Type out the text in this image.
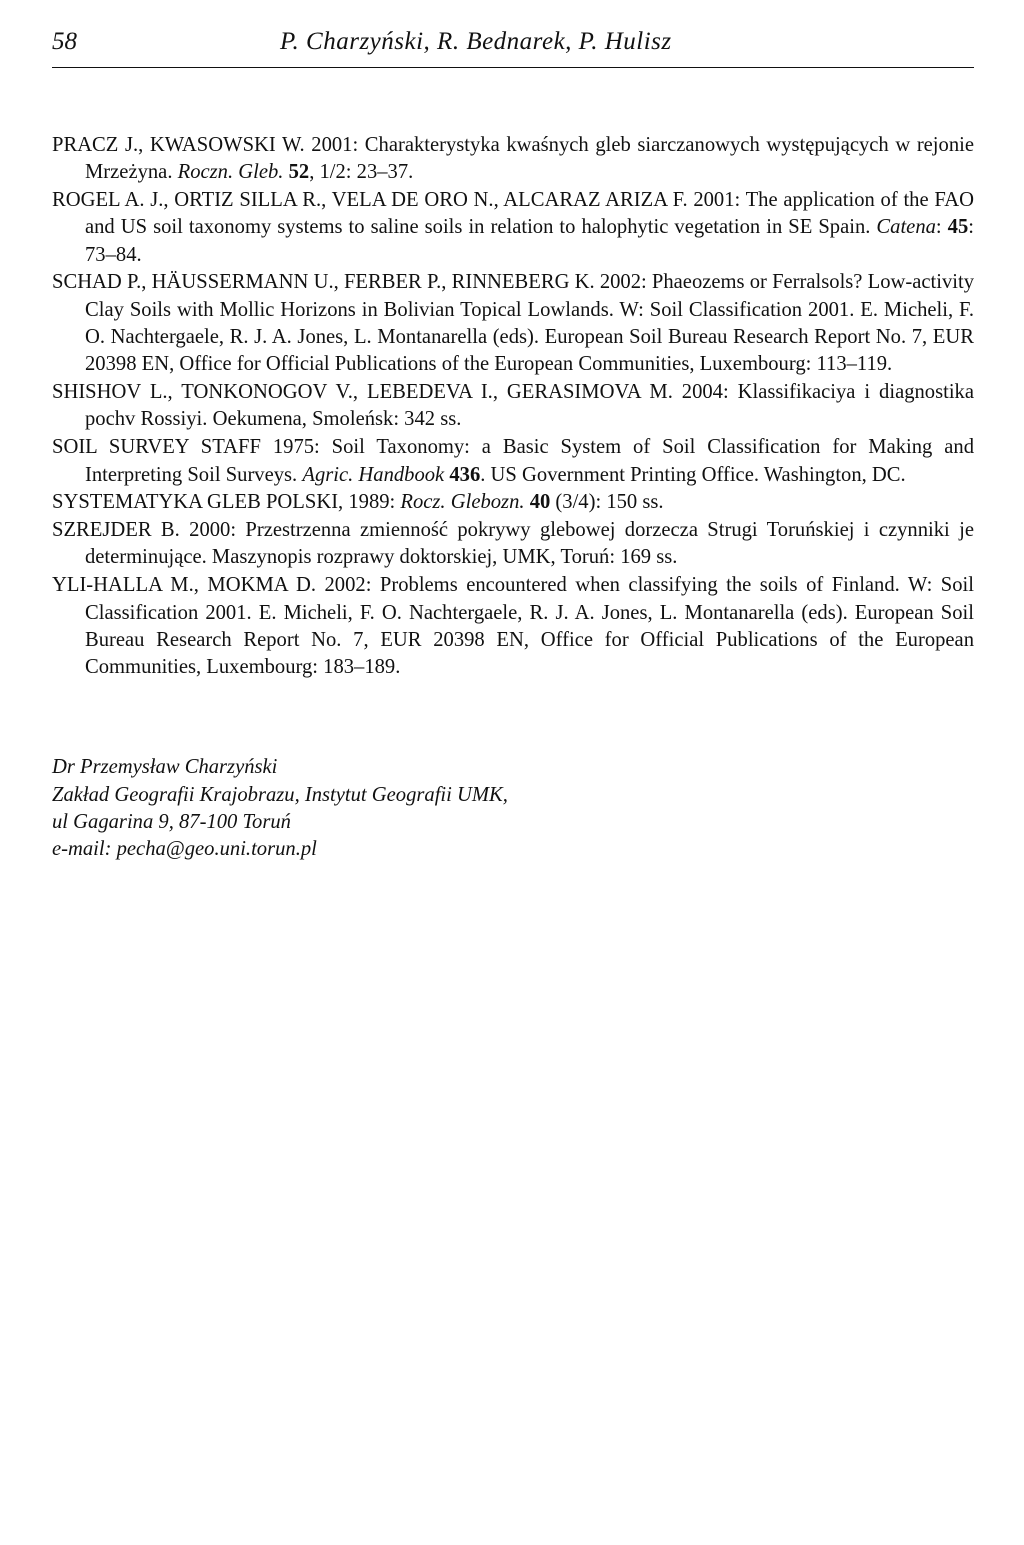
58	P. Charzyński, R. Bednarek, P. Hulisz

PRACZ J., KWASOWSKI W. 2001: Charakterystyka kwaśnych gleb siarczanowych występujących w rejonie Mrzeżyna. Roczn. Gleb. 52, 1/2: 23–37.

ROGEL A. J., ORTIZ SILLA R., VELA DE ORO N., ALCARAZ ARIZA F. 2001: The application of the FAO and US soil taxonomy systems to saline soils in relation to halophytic vegetation in SE Spain. Catena: 45: 73–84.

SCHAD P., HÄUSSERMANN U., FERBER P., RINNEBERG K. 2002: Phaeozems or Ferralsols? Low-activity Clay Soils with Mollic Horizons in Bolivian Topical Lowlands. W: Soil Classification 2001. E. Micheli, F. O. Nachtergaele, R. J. A. Jones, L. Montanarella (eds). European Soil Bureau Research Report No. 7, EUR 20398 EN, Office for Official Publications of the European Communities, Luxembourg: 113–119.

SHISHOV L., TONKONOGOV V., LEBEDEVA I., GERASIMOVA M. 2004: Klassifikaciya i diagnostika pochv Rossiyi. Oekumena, Smoleńsk: 342 ss.

SOIL SURVEY STAFF 1975: Soil Taxonomy: a Basic System of Soil Classification for Making and Interpreting Soil Surveys. Agric. Handbook 436. US Government Printing Office. Washington, DC.

SYSTEMATYKA GLEB POLSKI, 1989: Rocz. Glebozn. 40 (3/4): 150 ss.

SZREJDER B. 2000: Przestrzenna zmienność pokrywy glebowej dorzecza Strugi Toruńskiej i czynniki je determinujące. Maszynopis rozprawy doktorskiej, UMK, Toruń: 169 ss.

YLI-HALLA M., MOKMA D. 2002: Problems encountered when classifying the soils of Finland. W: Soil Classification 2001. E. Micheli, F. O. Nachtergaele, R. J. A. Jones, L. Montanarella (eds). European Soil Bureau Research Report No. 7, EUR 20398 EN, Office for Official Publications of the European Communities, Luxembourg: 183–189.

Dr Przemysław Charzyński
Zakład Geografii Krajobrazu, Instytut Geografii UMK,
ul Gagarina 9, 87-100 Toruń
e-mail: pecha@geo.uni.torun.pl
